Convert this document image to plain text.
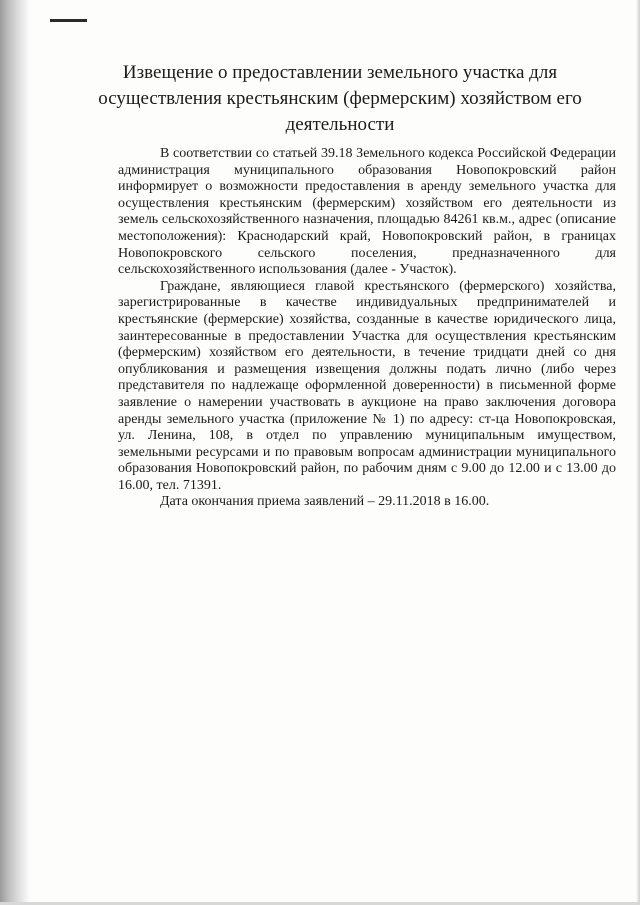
Извещение о предоставлении земельного участка для осуществления крестьянским (фермерским) хозяйством его деятельности

В соответствии со статьей 39.18 Земельного кодекса Российской Федерации администрация муниципального образования Новопокровский район информирует о возможности предоставления в аренду земельного участка для осуществления крестьянским (фермерским) хозяйством его деятельности из земель сельскохозяйственного назначения, площадью 84261 кв.м., адрес (описание местоположения): Краснодарский край, Новопокровский район, в границах Новопокровского сельского поселения, предназначенного для сельскохозяйственного использования (далее - Участок).

Граждане, являющиеся главой крестьянского (фермерского) хозяйства, зарегистрированные в качестве индивидуальных предпринимателей и крестьянские (фермерские) хозяйства, созданные в качестве юридического лица, заинтересованные в предоставлении Участка для осуществления крестьянским (фермерским) хозяйством его деятельности, в течение тридцати дней со дня опубликования и размещения извещения должны подать лично (либо через представителя по надлежаще оформленной доверенности) в письменной форме заявление о намерении участвовать в аукционе на право заключения договора аренды земельного участка (приложение № 1) по адресу: ст-ца Новопокровская, ул. Ленина, 108, в отдел по управлению муниципальным имуществом, земельными ресурсами и по правовым вопросам администрации муниципального образования Новопокровский район, по рабочим дням с 9.00 до 12.00 и с 13.00 до 16.00, тел. 71391.

Дата окончания приема заявлений – 29.11.2018 в 16.00.
